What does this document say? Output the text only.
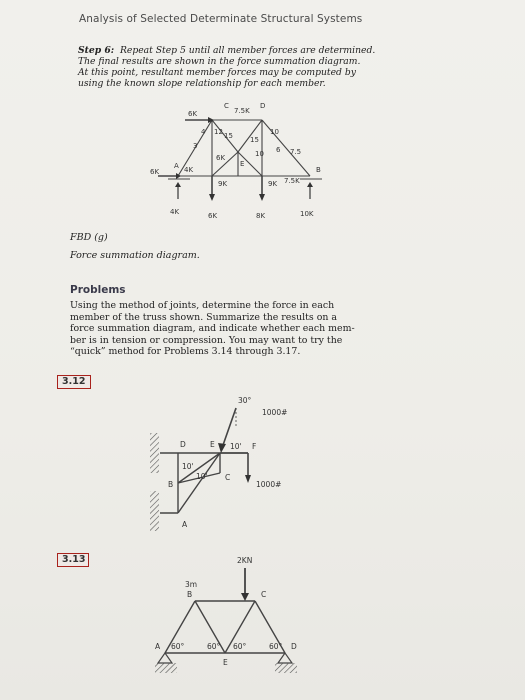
Analysis of Selected Determinate Structural Systems
Step 6: Repeat Step 5 until all member forces are determined.
The final results are shown in the force summation diagram.
At this point, resultant member forces may be computed by
using the known slope relationship for each member.
6K
6K
C	D
7.5K
A	B
E
4
3
15 15
10
10
12
6 7.5
6K
4K
7.5K
9K	9K
4K	6K	8K	10K
FBD (g)
Force summation diagram.
Problems
Using the method of joints, determine the force in each
member of the truss shown. Summarize the results on a
force summation diagram, and indicate whether each mem-
ber is in tension or compression. You may want to try the
“quick” method for Problems 3.14 through 3.17.
3.12
30°
1000#
1000#
D	E	F
B
C
A
10'
10'
10'
3.13	2KN
B	C
A	D
E
60°	60° 60°	60°
3m
